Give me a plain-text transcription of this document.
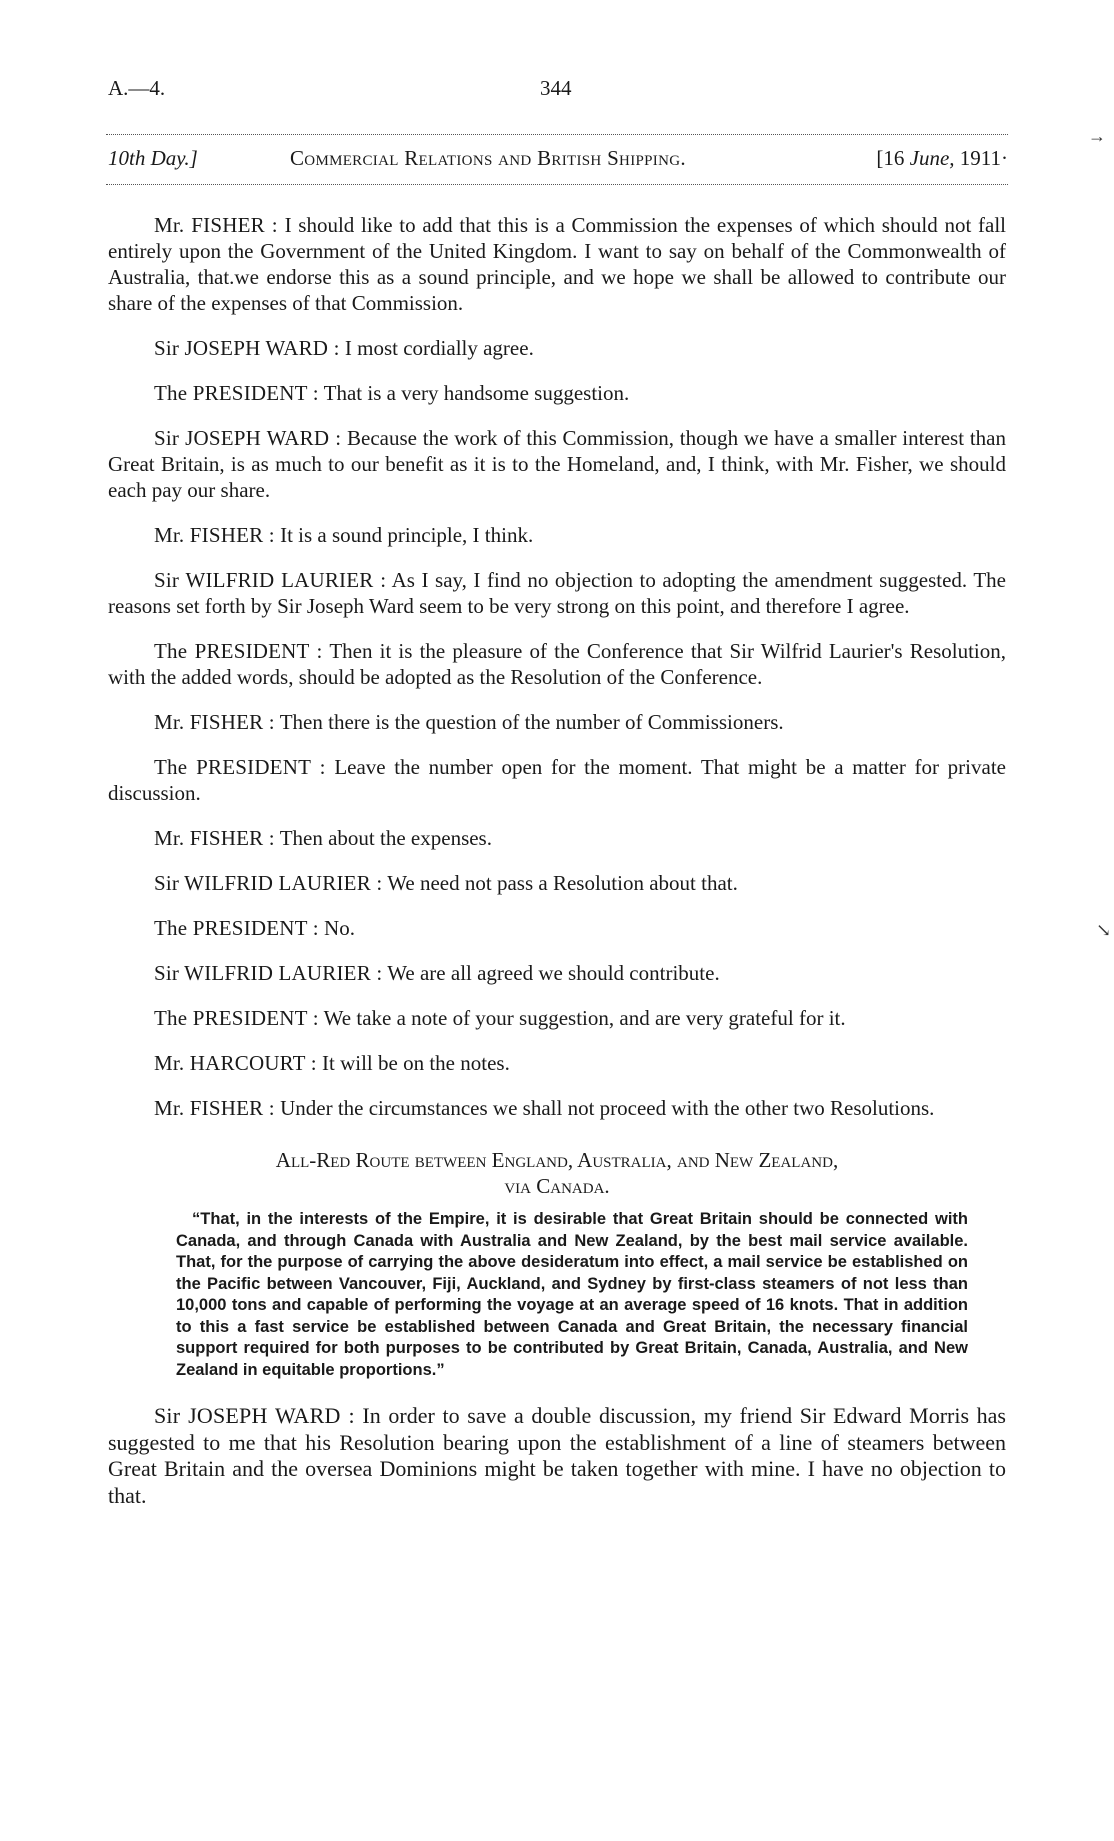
A.—4.	344
10th Day.]	Commercial Relations and British Shipping.	[16 June, 1911·
→

Mr. FISHER : I should like to add that this is a Commission the expenses of which should not fall entirely upon the Government of the United Kingdom. I want to say on behalf of the Commonwealth of Australia, that.we endorse this as a sound principle, and we hope we shall be allowed to contribute our share of the expenses of that Commission.

Sir JOSEPH WARD : I most cordially agree.

The PRESIDENT : That is a very handsome suggestion.

Sir JOSEPH WARD : Because the work of this Commission, though we have a smaller interest than Great Britain, is as much to our benefit as it is to the Homeland, and, I think, with Mr. Fisher, we should each pay our share.

Mr. FISHER : It is a sound principle, I think.

Sir WILFRID LAURIER : As I say, I find no objection to adopting the amendment suggested. The reasons set forth by Sir Joseph Ward seem to be very strong on this point, and therefore I agree.

The PRESIDENT : Then it is the pleasure of the Conference that Sir Wilfrid Laurier's Resolution, with the added words, should be adopted as the Resolution of the Conference.

Mr. FISHER : Then there is the question of the number of Commissioners.

The PRESIDENT : Leave the number open for the moment. That might be a matter for private discussion.

Mr. FISHER : Then about the expenses.

Sir WILFRID LAURIER : We need not pass a Resolution about that.

The PRESIDENT : No.

Sir WILFRID LAURIER : We are all agreed we should contribute.

The PRESIDENT : We take a note of your suggestion, and are very grateful for it.

Mr. HARCOURT : It will be on the notes.

Mr. FISHER : Under the circumstances we shall not proceed with the other two Resolutions.

All-Red Route between England, Australia, and New Zealand,
via Canada.

“That, in the interests of the Empire, it is desirable that Great Britain should be connected with Canada, and through Canada with Australia and New Zealand, by the best mail service available. That, for the purpose of carrying the above desideratum into effect, a mail service be established on the Pacific between Vancouver, Fiji, Auckland, and Sydney by first-class steamers of not less than 10,000 tons and capable of performing the voyage at an average speed of 16 knots. That in addition to this a fast service be established between Canada and Great Britain, the necessary financial support required for both purposes to be contributed by Great Britain, Canada, Australia, and New Zealand in equitable proportions.”

Sir JOSEPH WARD : In order to save a double discussion, my friend Sir Edward Morris has suggested to me that his Resolution bearing upon the establishment of a line of steamers between Great Britain and the oversea Dominions might be taken together with mine. I have no objection to that.

↘
